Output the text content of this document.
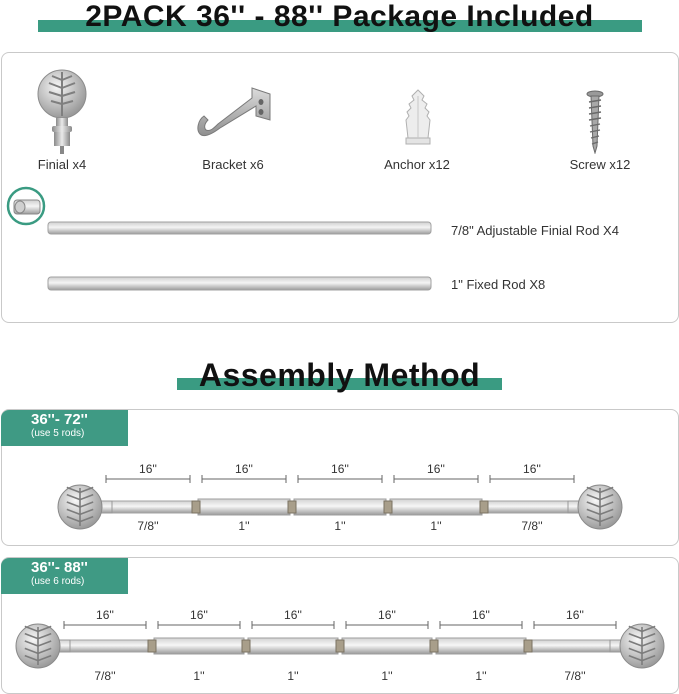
2PACK 36'' - 88'' Package Included
Finial x4	Bracket x6	Anchor x12	Screw x12
7/8" Adjustable Finial Rod X4
1" Fixed Rod X8
Assembly Method
36''- 72''
(use 5 rods)
16''
7/8''
16''
1''
16''
1''
16''
1''
16''
7/8''
36''- 88''
(use 6 rods)
16''
7/8''
16''
1''
16''
1''
16''
1''
16''
1''
16''
7/8''
